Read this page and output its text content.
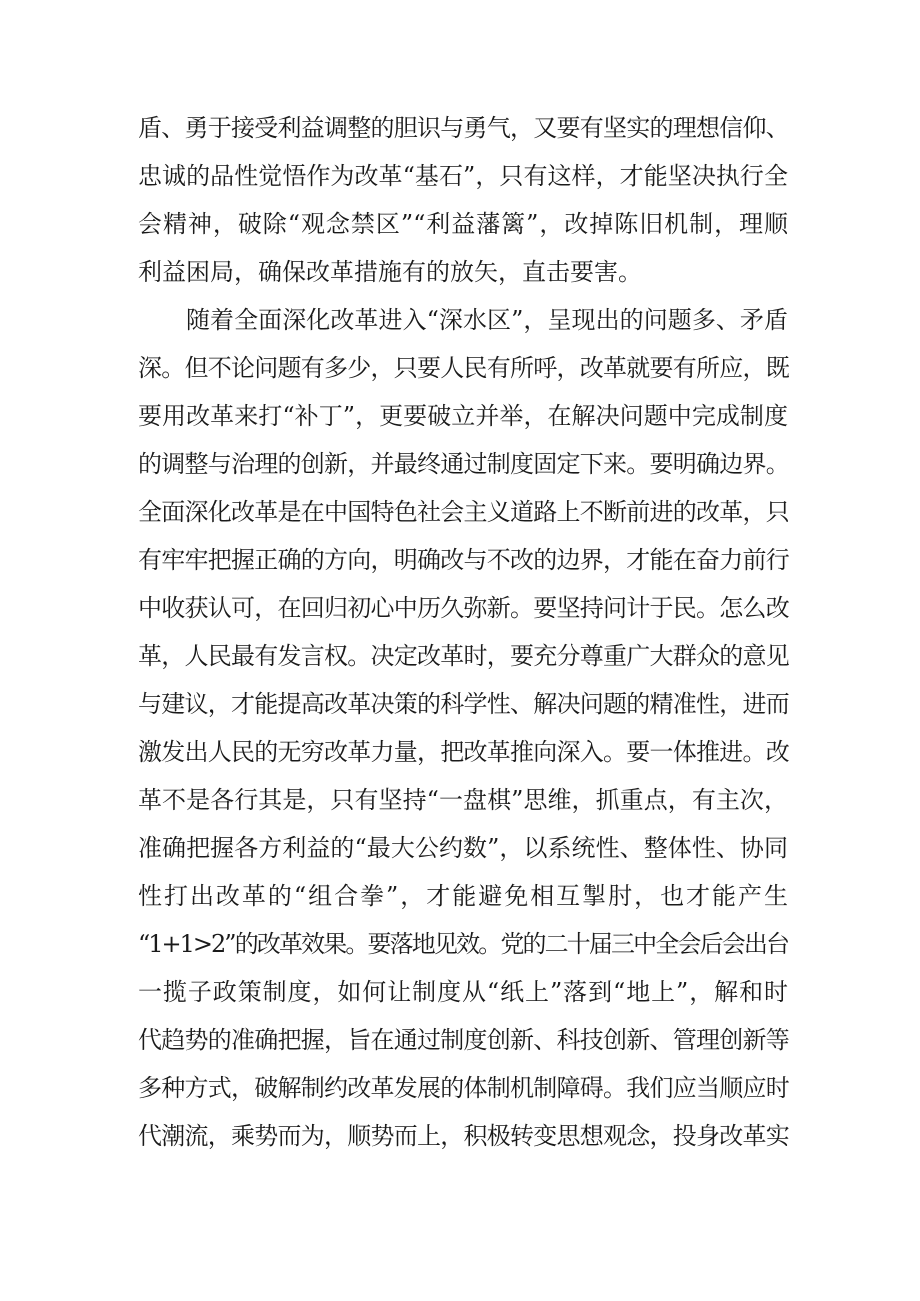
盾、勇于接受利益调整的胆识与勇气，又要有坚实的理想信仰、
忠诚的品性觉悟作为改革“基石”，只有这样，才能坚决执行全
会精神，破除“观念禁区”“利益藩篱”，改掉陈旧机制，理顺
利益困局，确保改革措施有的放矢，直击要害。
随着全面深化改革进入“深水区”，呈现出的问题多、矛盾
深。但不论问题有多少，只要人民有所呼，改革就要有所应，既
要用改革来打“补丁”，更要破立并举，在解决问题中完成制度
的调整与治理的创新，并最终通过制度固定下来。要明确边界。
全面深化改革是在中国特色社会主义道路上不断前进的改革，只
有牢牢把握正确的方向，明确改与不改的边界，才能在奋力前行
中收获认可，在回归初心中历久弥新。要坚持问计于民。怎么改
革，人民最有发言权。决定改革时，要充分尊重广大群众的意见
与建议，才能提高改革决策的科学性、解决问题的精准性，进而
激发出人民的无穷改革力量，把改革推向深入。要一体推进。改
革不是各行其是，只有坚持“一盘棋”思维，抓重点，有主次，
准确把握各方利益的“最大公约数”，以系统性、整体性、协同
性打出改革的“组合拳”，才能避免相互掣肘，也才能产生
“1+1>2”的改革效果。要落地见效。党的二十届三中全会后会出台
一揽子政策制度，如何让制度从“纸上”落到“地上”，解和时
代趋势的准确把握，旨在通过制度创新、科技创新、管理创新等
多种方式，破解制约改革发展的体制机制障碍。我们应当顺应时
代潮流，乘势而为，顺势而上，积极转变思想观念，投身改革实
